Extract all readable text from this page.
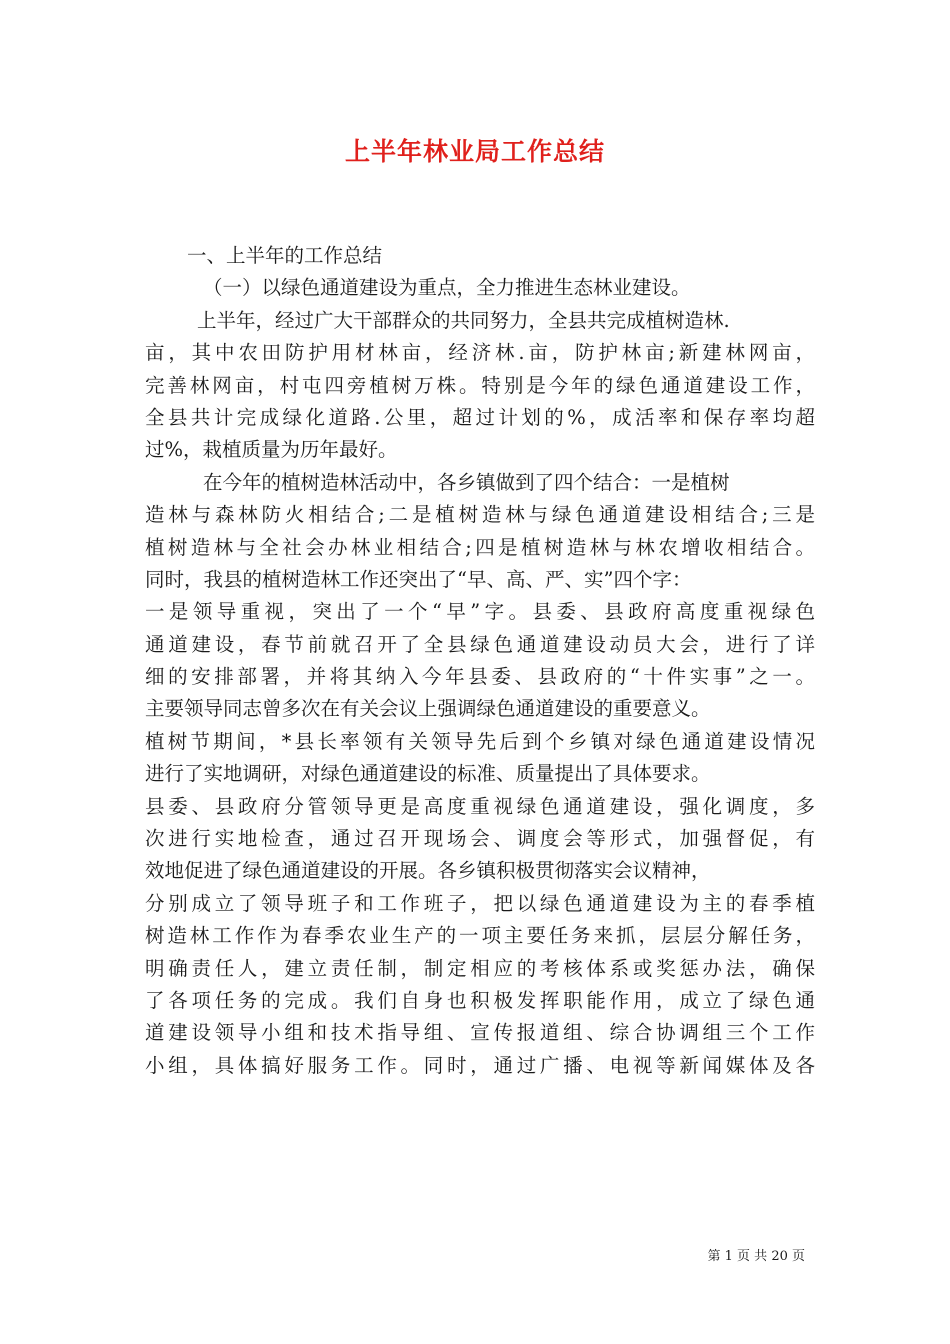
上半年林业局工作总结
一、上半年的工作总结
（一）以绿色通道建设为重点，全力推进生态林业建设。
上半年，经过广大干部群众的共同努力，全县共完成植树造林.
亩，其中农田防护用材林亩，经济林.亩，防护林亩;新建林网亩，
完善林网亩，村屯四旁植树万株。特别是今年的绿色通道建设工作，
全县共计完成绿化道路.公里，超过计划的%，成活率和保存率均超
过%，栽植质量为历年最好。
在今年的植树造林活动中，各乡镇做到了四个结合：一是植树
造林与森林防火相结合;二是植树造林与绿色通道建设相结合;三是
植树造林与全社会办林业相结合;四是植树造林与林农增收相结合。
同时，我县的植树造林工作还突出了“早、高、严、实”四个字：
一是领导重视，突出了一个“早”字。县委、县政府高度重视绿色
通道建设，春节前就召开了全县绿色通道建设动员大会，进行了详
细的安排部署，并将其纳入今年县委、县政府的“十件实事”之一。
主要领导同志曾多次在有关会议上强调绿色通道建设的重要意义。
植树节期间，*县长率领有关领导先后到个乡镇对绿色通道建设情况
进行了实地调研，对绿色通道建设的标准、质量提出了具体要求。
县委、县政府分管领导更是高度重视绿色通道建设，强化调度，多
次进行实地检查，通过召开现场会、调度会等形式，加强督促，有
效地促进了绿色通道建设的开展。各乡镇积极贯彻落实会议精神，
分别成立了领导班子和工作班子，把以绿色通道建设为主的春季植
树造林工作作为春季农业生产的一项主要任务来抓，层层分解任务，
明确责任人，建立责任制，制定相应的考核体系或奖惩办法，确保
了各项任务的完成。我们自身也积极发挥职能作用，成立了绿色通
道建设领导小组和技术指导组、宣传报道组、综合协调组三个工作
小组，具体搞好服务工作。同时，通过广播、电视等新闻媒体及各
第 1 页 共 20 页
